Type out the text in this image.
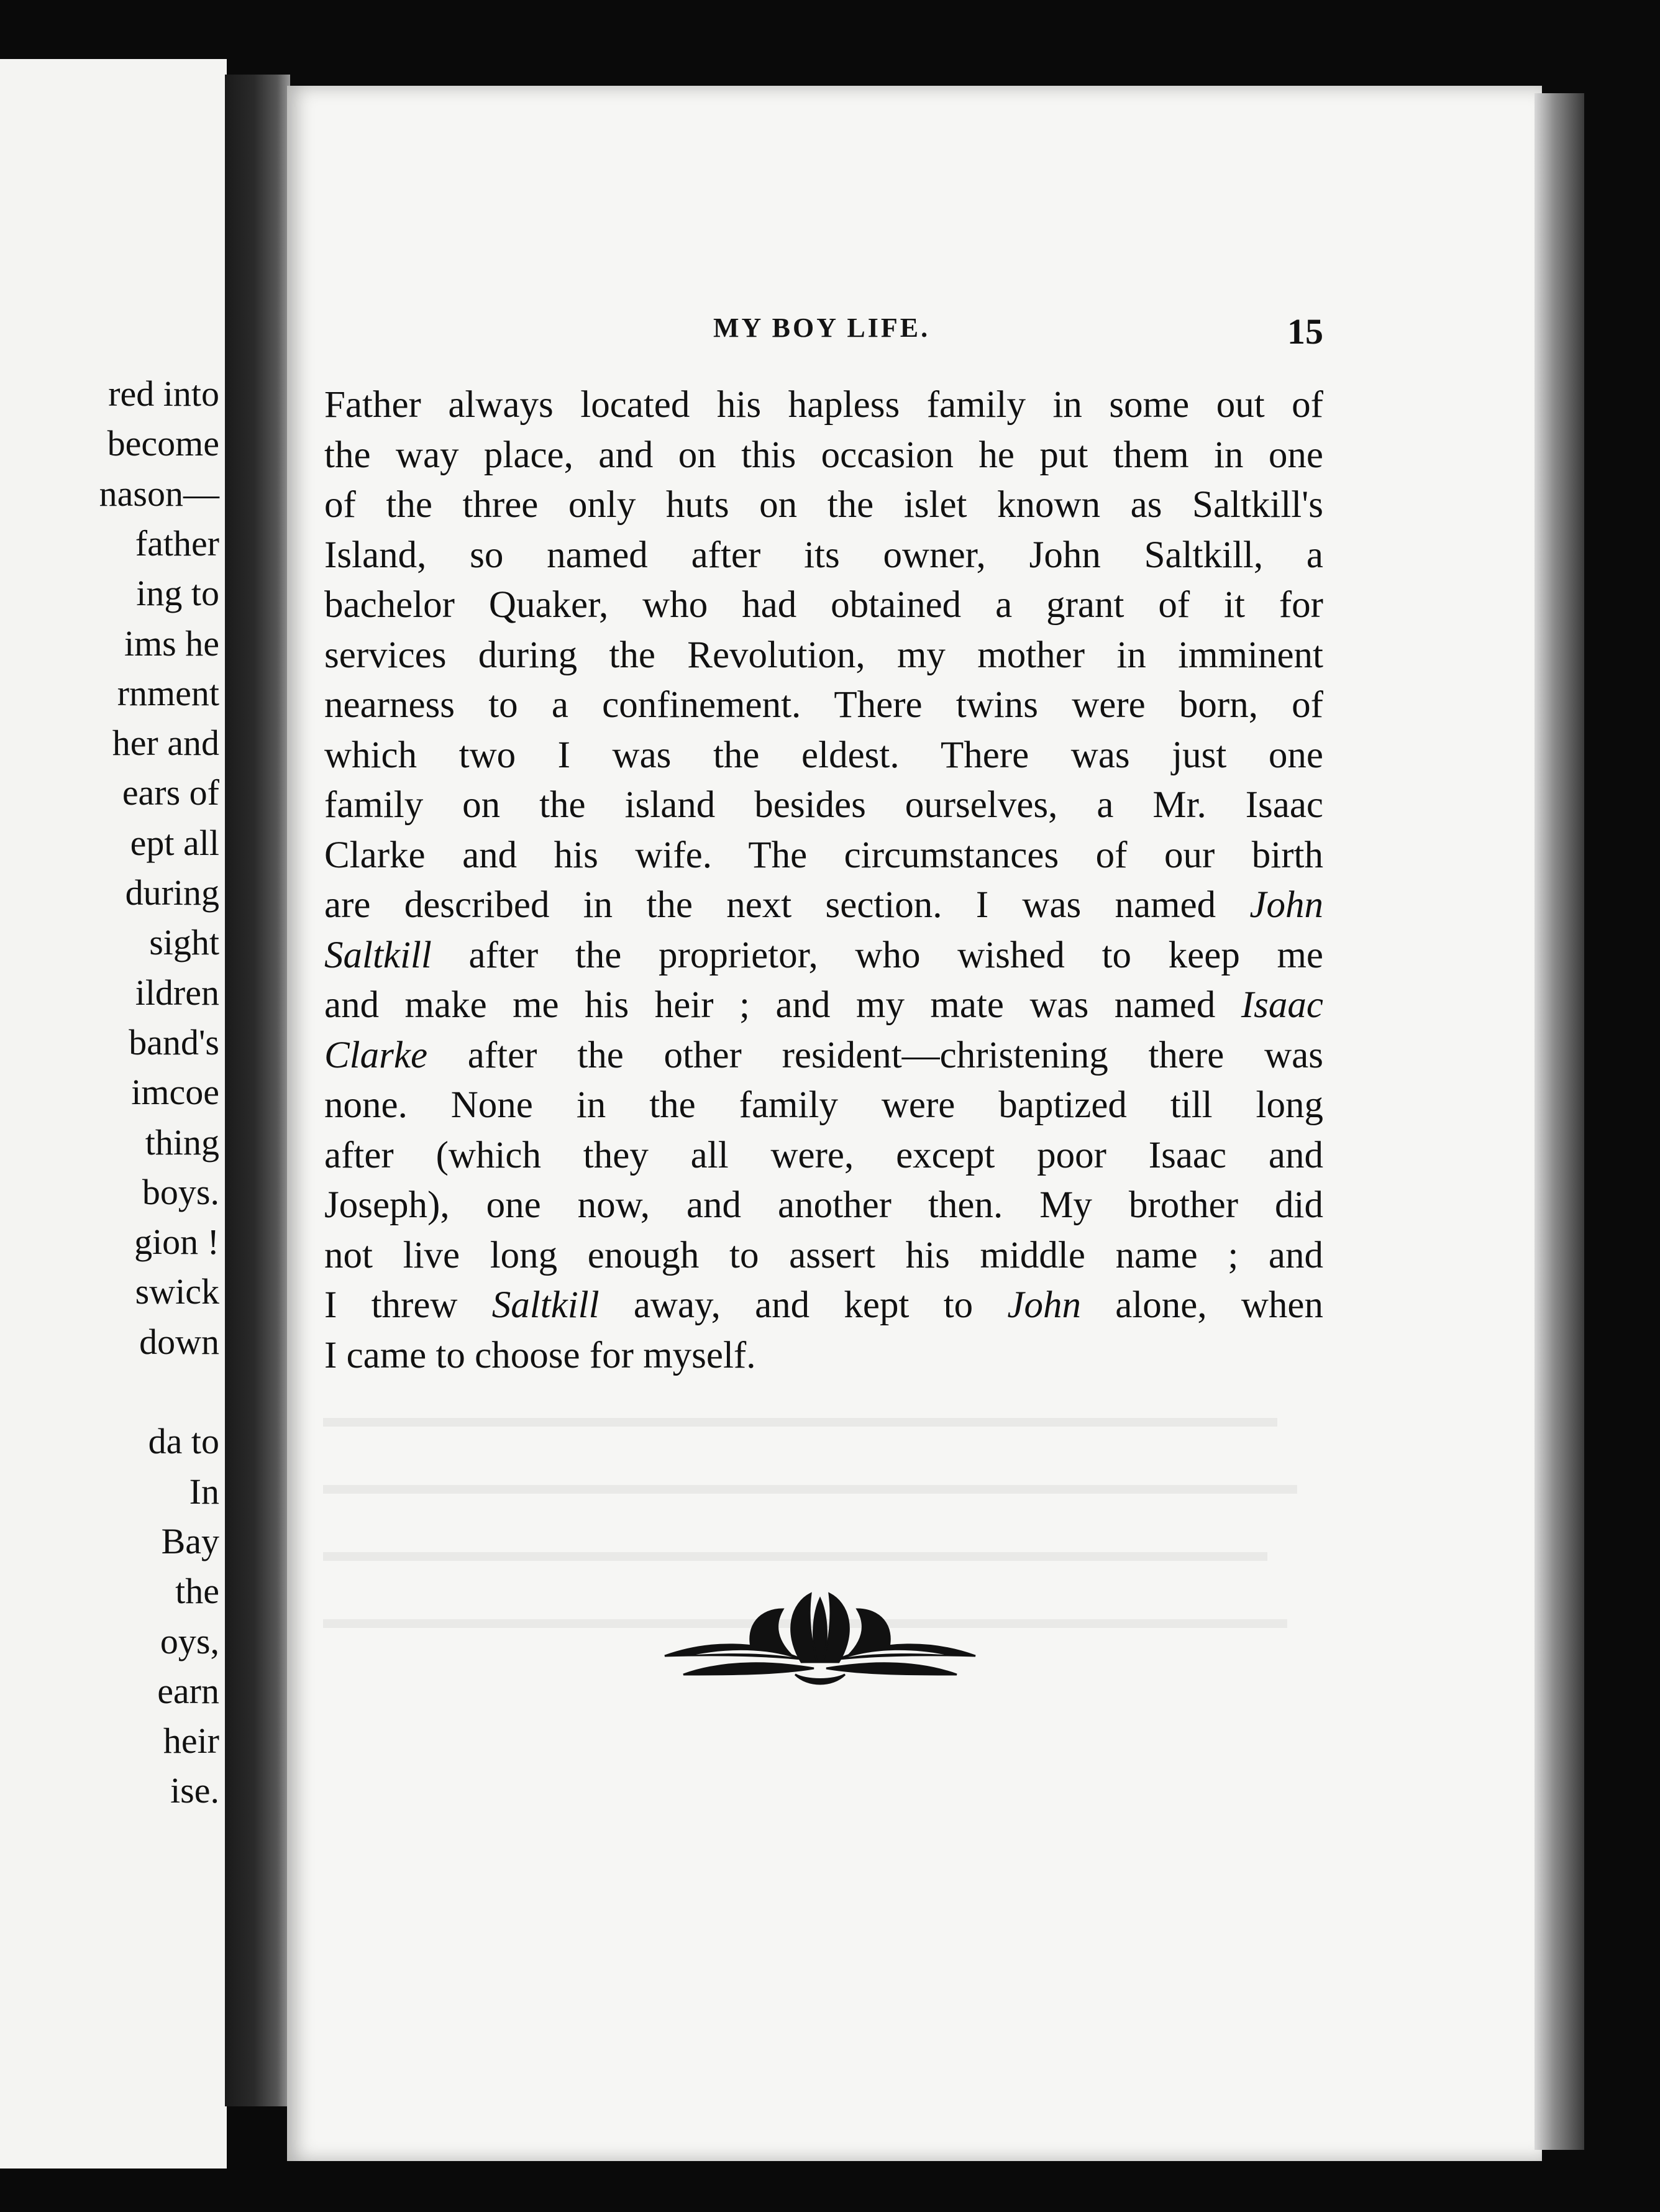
red into
become
nason—
father
ing to
ims he
rnment
her and
ears of
ept all
during
sight
ildren
band's
imcoe
thing
boys.
gion !
swick
down
da to
In
Bay
the
oys,
earn
heir
ise.
MY BOY LIFE.	15
Father always located his hapless family in some out of
the way place, and on this occasion he put them in one
of the three only huts on the islet known as Saltkill's
Island, so named after its owner, John Saltkill, a
bachelor Quaker, who had obtained a grant of it for
services during the Revolution, my mother in imminent
nearness to a confinement. There twins were born, of
which two I was the eldest. There was just one
family on the island besides ourselves, a Mr. Isaac
Clarke and his wife. The circumstances of our birth
are described in the next section. I was named John
Saltkill after the proprietor, who wished to keep me
and make me his heir ; and my mate was named Isaac
Clarke after the other resident—christening there was
none. None in the family were baptized till long
after (which they all were, except poor Isaac and
Joseph), one now, and another then. My brother did
not live long enough to assert his middle name ; and
I threw Saltkill away, and kept to John alone, when
I came to choose for myself.
